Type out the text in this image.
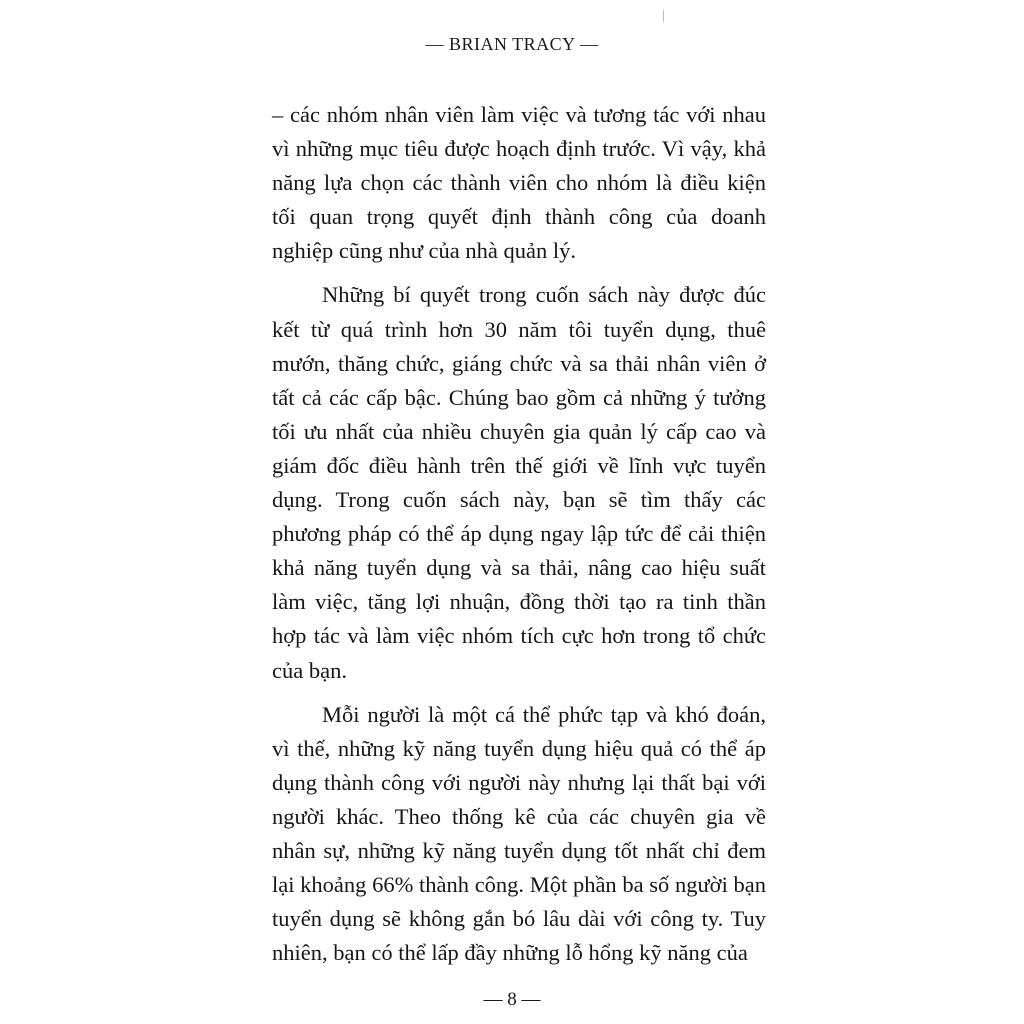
— BRIAN TRACY —

– các nhóm nhân viên làm việc và tương tác với nhau vì những mục tiêu được hoạch định trước. Vì vậy, khả năng lựa chọn các thành viên cho nhóm là điều kiện tối quan trọng quyết định thành công của doanh nghiệp cũng như của nhà quản lý.

Những bí quyết trong cuốn sách này được đúc kết từ quá trình hơn 30 năm tôi tuyển dụng, thuê mướn, thăng chức, giáng chức và sa thải nhân viên ở tất cả các cấp bậc. Chúng bao gồm cả những ý tưởng tối ưu nhất của nhiều chuyên gia quản lý cấp cao và giám đốc điều hành trên thế giới về lĩnh vực tuyển dụng. Trong cuốn sách này, bạn sẽ tìm thấy các phương pháp có thể áp dụng ngay lập tức để cải thiện khả năng tuyển dụng và sa thải, nâng cao hiệu suất làm việc, tăng lợi nhuận, đồng thời tạo ra tinh thần hợp tác và làm việc nhóm tích cực hơn trong tổ chức của bạn.

Mỗi người là một cá thể phức tạp và khó đoán, vì thế, những kỹ năng tuyển dụng hiệu quả có thể áp dụng thành công với người này nhưng lại thất bại với người khác. Theo thống kê của các chuyên gia về nhân sự, những kỹ năng tuyển dụng tốt nhất chỉ đem lại khoảng 66% thành công. Một phần ba số người bạn tuyển dụng sẽ không gắn bó lâu dài với công ty. Tuy nhiên, bạn có thể lấp đầy những lỗ hổng kỹ năng của

— 8 —
